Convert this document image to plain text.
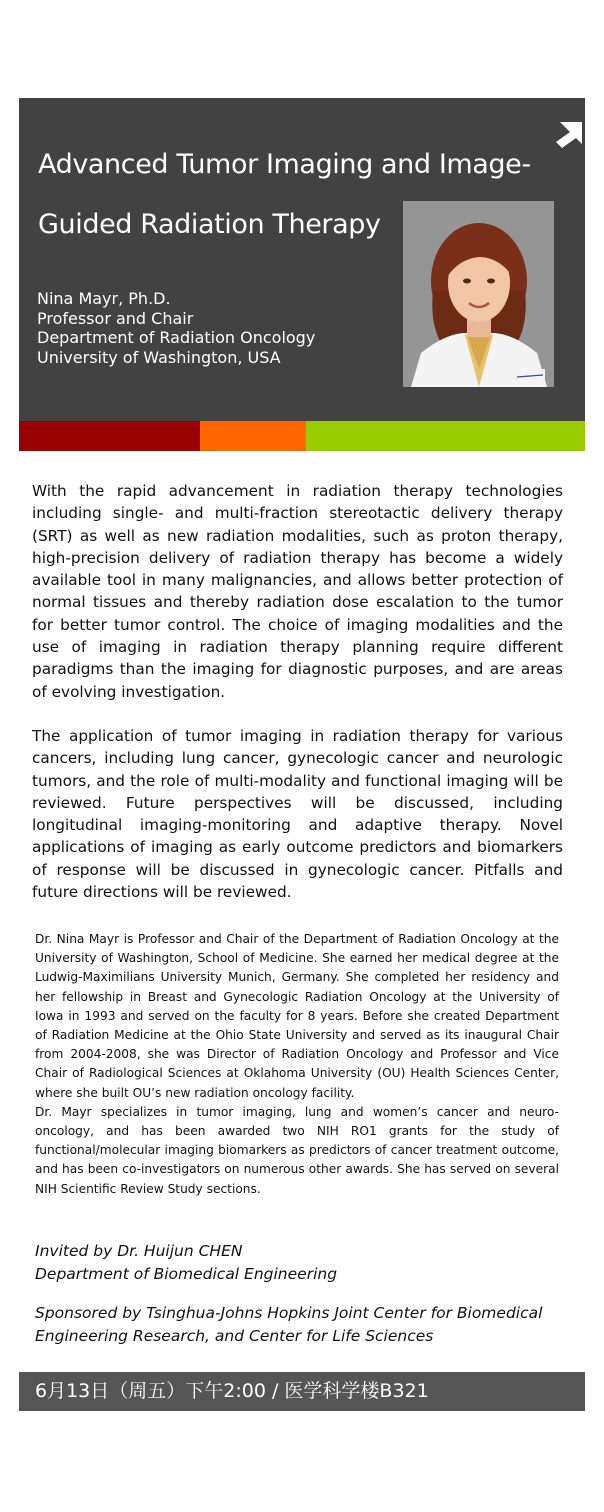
Advanced Tumor Imaging and Image-Guided Radiation Therapy
Nina Mayr, Ph.D.
Professor and Chair
Department of Radiation Oncology
University of Washington, USA

With the rapid advancement in radiation therapy technologies including single- and multi-fraction stereotactic delivery therapy (SRT) as well as new radiation modalities, such as proton therapy, high-precision delivery of radiation therapy has become a widely available tool in many malignancies, and allows better protection of normal tissues and thereby radiation dose escalation to the tumor for better tumor control. The choice of imaging modalities and the use of imaging in radiation therapy planning require different paradigms than the imaging for diagnostic purposes, and are areas of evolving investigation.

The application of tumor imaging in radiation therapy for various cancers, including lung cancer, gynecologic cancer and neurologic tumors, and the role of multi-modality and functional imaging will be reviewed. Future perspectives will be discussed, including longitudinal imaging-monitoring and adaptive therapy. Novel applications of imaging as early outcome predictors and biomarkers of response will be discussed in gynecologic cancer. Pitfalls and future directions will be reviewed.

Dr. Nina Mayr is Professor and Chair of the Department of Radiation Oncology at the University of Washington, School of Medicine. She earned her medical degree at the Ludwig-Maximilians University Munich, Germany. She completed her residency and her fellowship in Breast and Gynecologic Radiation Oncology at the University of Iowa in 1993 and served on the faculty for 8 years. Before she created Department of Radiation Medicine at the Ohio State University and served as its inaugural Chair from 2004-2008, she was Director of Radiation Oncology and Professor and Vice Chair of Radiological Sciences at Oklahoma University (OU) Health Sciences Center, where she built OU’s new radiation oncology facility.

Dr. Mayr specializes in tumor imaging, lung and women’s cancer and neuro-oncology, and has been awarded two NIH RO1 grants for the study of functional/molecular imaging biomarkers as predictors of cancer treatment outcome, and has been co-investigators on numerous other awards. She has served on several NIH Scientific Review Study sections.

Invited by Dr. Huijun CHEN
Department of Biomedical Engineering
Sponsored by Tsinghua-Johns Hopkins Joint Center for Biomedical Engineering Research, and Center for Life Sciences
6月13日（周五）下午2:00 / 医学科学楼B321
